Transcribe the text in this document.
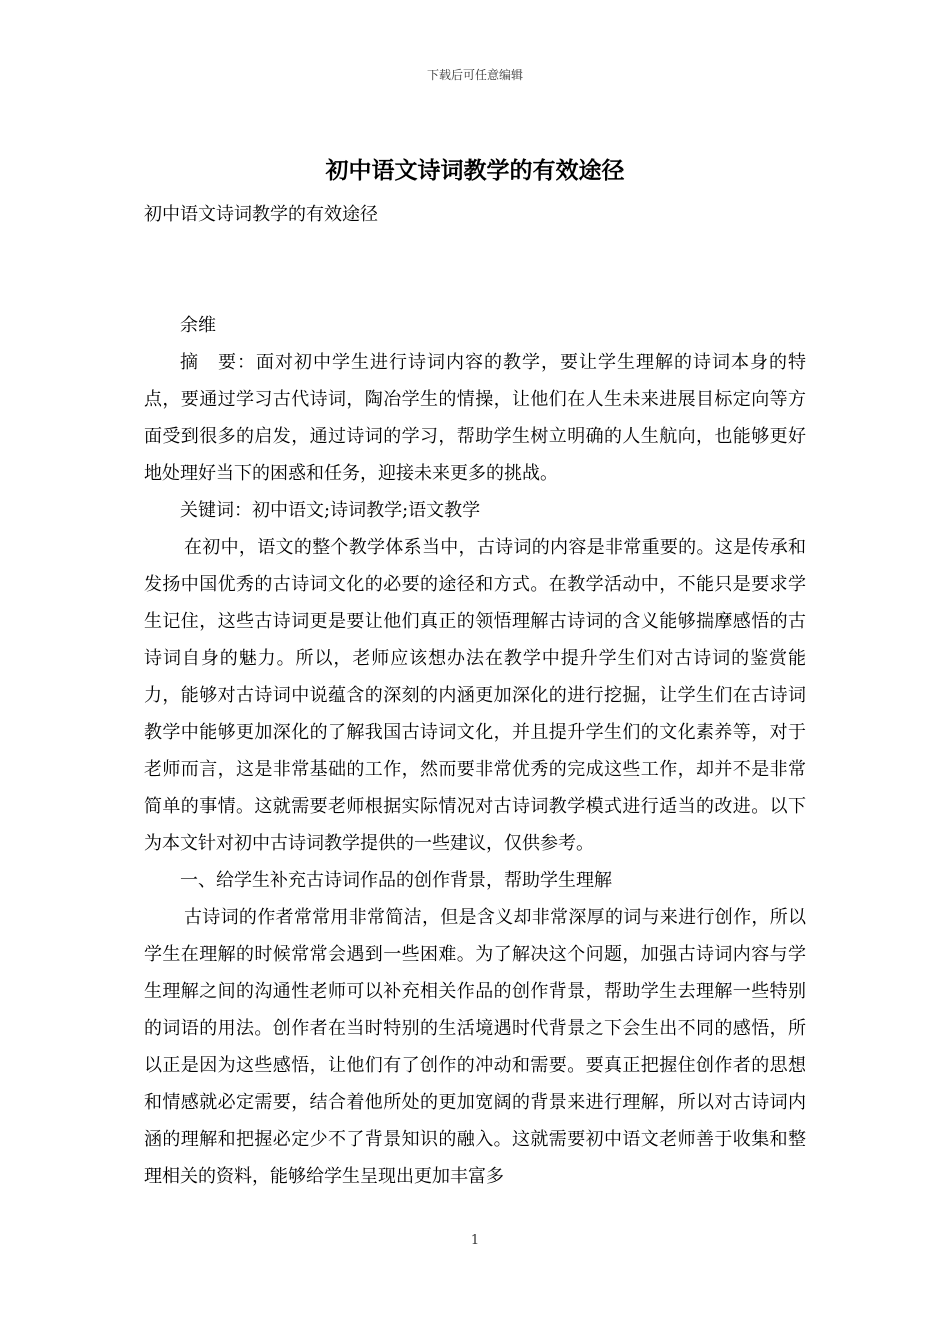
下载后可任意编辑
初中语文诗词教学的有效途径

初中语文诗词教学的有效途径

余维

摘　要：面对初中学生进行诗词内容的教学，要让学生理解的诗词本身的特点，要通过学习古代诗词，陶冶学生的情操，让他们在人生未来进展目标定向等方面受到很多的启发，通过诗词的学习，帮助学生树立明确的人生航向，也能够更好地处理好当下的困惑和任务，迎接未来更多的挑战。

关键词：初中语文;诗词教学;语文教学

在初中，语文的整个教学体系当中，古诗词的内容是非常重要的。这是传承和发扬中国优秀的古诗词文化的必要的途径和方式。在教学活动中，不能只是要求学生记住，这些古诗词更是要让他们真正的领悟理解古诗词的含义能够揣摩感悟的古诗词自身的魅力。所以，老师应该想办法在教学中提升学生们对古诗词的鉴赏能力，能够对古诗词中说蕴含的深刻的内涵更加深化的进行挖掘，让学生们在古诗词教学中能够更加深化的了解我国古诗词文化，并且提升学生们的文化素养等，对于老师而言，这是非常基础的工作，然而要非常优秀的完成这些工作，却并不是非常简单的事情。这就需要老师根据实际情况对古诗词教学模式进行适当的改进。以下为本文针对初中古诗词教学提供的一些建议，仅供参考。

一、给学生补充古诗词作品的创作背景，帮助学生理解

古诗词的作者常常用非常简洁，但是含义却非常深厚的词与来进行创作，所以学生在理解的时候常常会遇到一些困难。为了解决这个问题，加强古诗词内容与学生理解之间的沟通性老师可以补充相关作品的创作背景，帮助学生去理解一些特别的词语的用法。创作者在当时特别的生活境遇时代背景之下会生出不同的感悟，所以正是因为这些感悟，让他们有了创作的冲动和需要。要真正把握住创作者的思想和情感就必定需要，结合着他所处的更加宽阔的背景来进行理解，所以对古诗词内涵的理解和把握必定少不了背景知识的融入。这就需要初中语文老师善于收集和整理相关的资料，能够给学生呈现出更加丰富多

1
